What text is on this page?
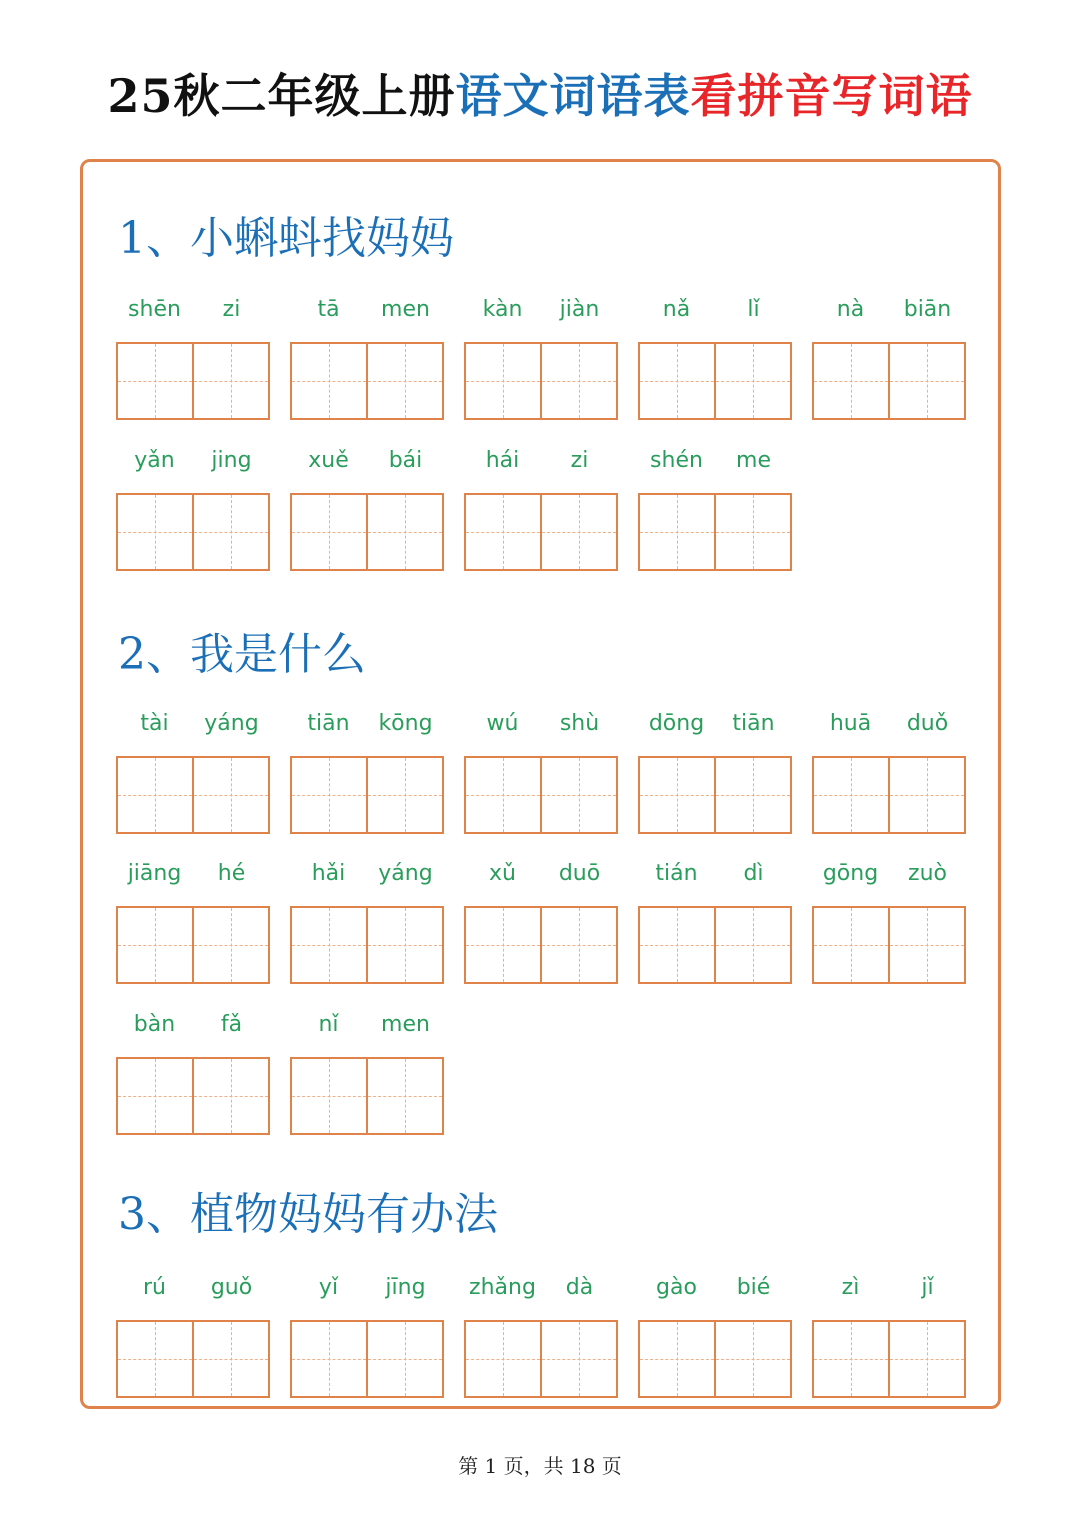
25秋二年级上册语文词语表看拼音写词语
1、小蝌蚪找妈妈
shēn	zi	tā	men	kàn	jiàn	nǎ	lǐ	nà	biān
yǎn	jing	xuě	bái	hái	zi	shén	me
2、我是什么
tài	yáng	tiān	kōng	wú	shù	dōng	tiān	huā	duǒ
jiāng	hé	hǎi	yáng	xǔ	duō	tián	dì	gōng	zuò
bàn	fǎ	nǐ	men
3、植物妈妈有办法
rú	guǒ	yǐ	jīng	zhǎng	dà	gào	bié	zì	jǐ
第 1 页，共 18 页
